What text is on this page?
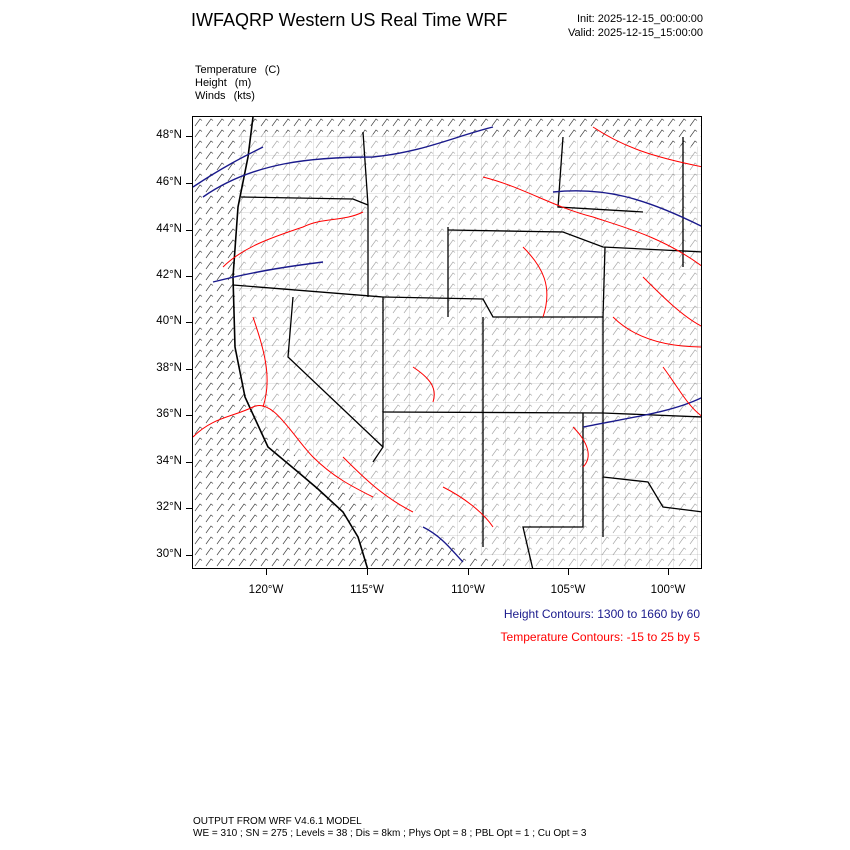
IWFAQRP Western US Real Time WRF	Init: 2025-12-15_00:00:00
Valid: 2025-12-15_15:00:00
Temperature (C)
Height (m)
Winds (kts)
48°N
46°N
44°N
42°N
40°N
38°N
36°N
34°N
32°N
30°N
120°W	115°W	110°W	105°W	100°W
Height Contours: 1300 to 1660 by 60
Temperature Contours: -15 to 25 by 5
OUTPUT FROM WRF V4.6.1 MODEL
WE = 310 ; SN = 275 ; Levels = 38 ; Dis = 8km ; Phys Opt = 8 ; PBL Opt = 1 ; Cu Opt = 3
